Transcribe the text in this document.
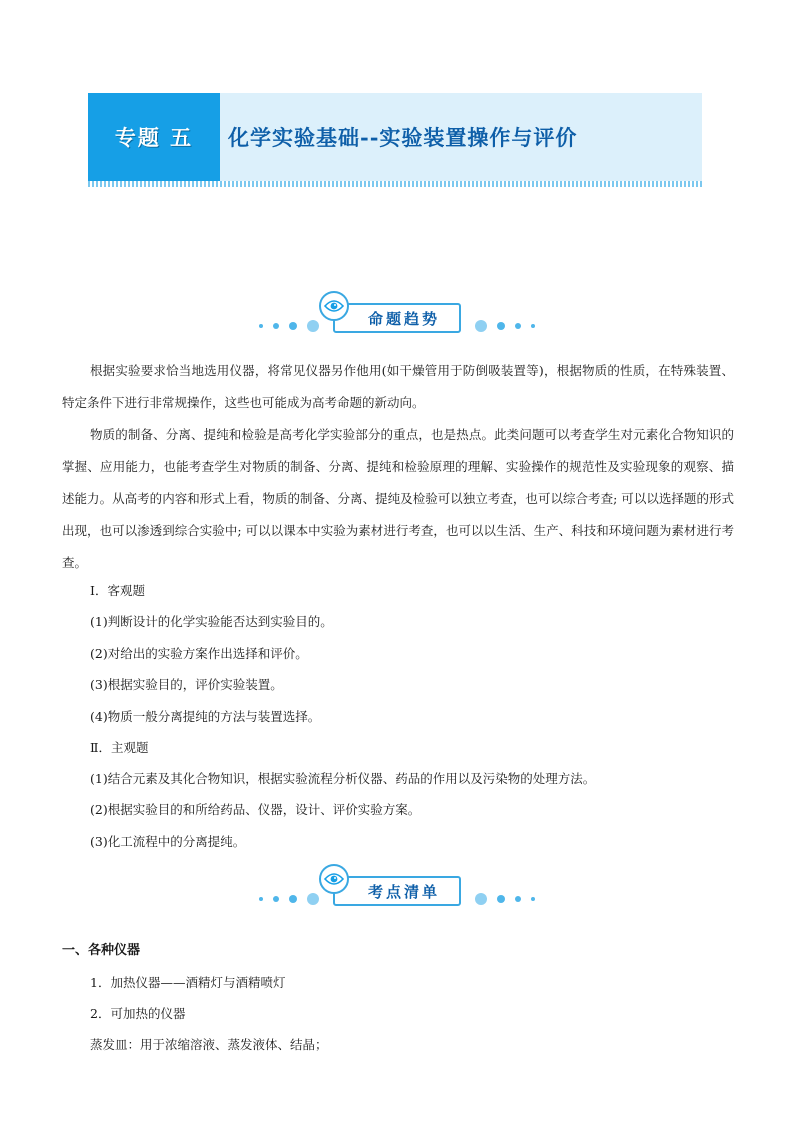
专题 五 化学实验基础--实验装置操作与评价
命题趋势

根据实验要求恰当地选用仪器，将常见仪器另作他用(如干燥管用于防倒吸装置等)，根据物质的性质，在特殊装置、特定条件下进行非常规操作，这些也可能成为高考命题的新动向。

物质的制备、分离、提纯和检验是高考化学实验部分的重点，也是热点。此类问题可以考查学生对元素化合物知识的掌握、应用能力，也能考查学生对物质的制备、分离、提纯和检验原理的理解、实验操作的规范性及实验现象的观察、描述能力。从高考的内容和形式上看，物质的制备、分离、提纯及检验可以独立考查，也可以综合考查; 可以以选择题的形式出现，也可以渗透到综合实验中; 可以以课本中实验为素材进行考查，也可以以生活、生产、科技和环境问题为素材进行考查。

Ⅰ．客观题
(1)判断设计的化学实验能否达到实验目的。
(2)对给出的实验方案作出选择和评价。
(3)根据实验目的，评价实验装置。
(4)物质一般分离提纯的方法与装置选择。
Ⅱ．主观题
(1)结合元素及其化合物知识，根据实验流程分析仪器、药品的作用以及污染物的处理方法。
(2)根据实验目的和所给药品、仪器，设计、评价实验方案。
(3)化工流程中的分离提纯。
考点清单
一、各种仪器
1．加热仪器——酒精灯与酒精喷灯
2．可加热的仪器
蒸发皿：用于浓缩溶液、蒸发液体、结晶；
